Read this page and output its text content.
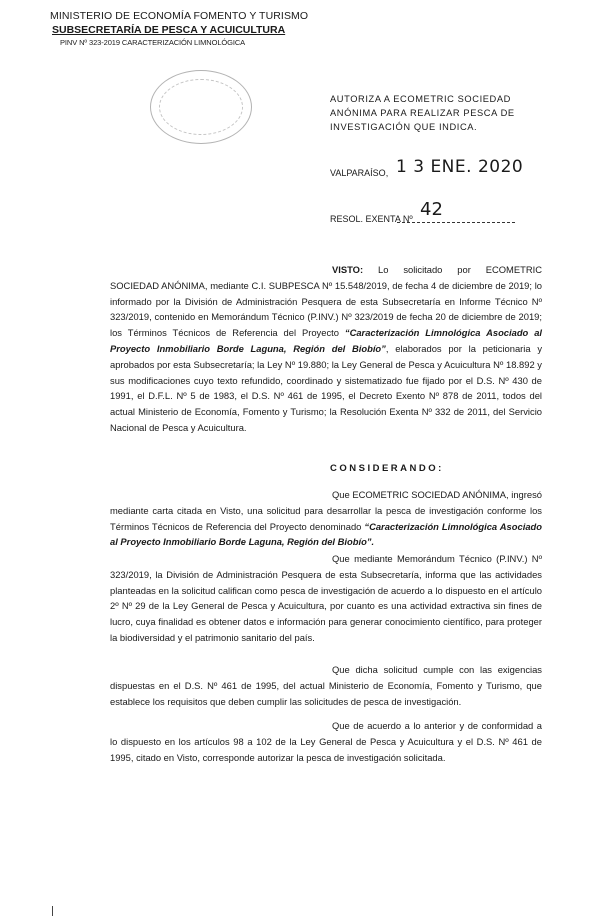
MINISTERIO DE ECONOMÍA FOMENTO Y TURISMO
SUBSECRETARÍA DE PESCA Y ACUICULTURA
PINV Nº 323-2019 CARACTERIZACIÓN LIMNOLÓGICA
AUTORIZA A ECOMETRIC SOCIEDAD ANÓNIMA PARA REALIZAR PESCA DE INVESTIGACIÓN QUE INDICA.
VALPARAÍSO, 1 3 ENE. 2020
RESOL. EXENTA Nº 42
VISTO: Lo solicitado por ECOMETRIC SOCIEDAD ANÓNIMA, mediante C.I. SUBPESCA Nº 15.548/2019, de fecha 4 de diciembre de 2019; lo informado por la División de Administración Pesquera de esta Subsecretaría en Informe Técnico Nº 323/2019, contenido en Memorándum Técnico (P.INV.) Nº 323/2019 de fecha 20 de diciembre de 2019; los Términos Técnicos de Referencia del Proyecto “Caracterización Limnológica Asociado al Proyecto Inmobiliario Borde Laguna, Región del Biobío”, elaborados por la peticionaria y aprobados por esta Subsecretaría; la Ley Nº 19.880; la Ley General de Pesca y Acuicultura Nº 18.892 y sus modificaciones cuyo texto refundido, coordinado y sistematizado fue fijado por el D.S. Nº 430 de 1991, el D.F.L. Nº 5 de 1983, el D.S. Nº 461 de 1995, el Decreto Exento Nº 878 de 2011, todos del actual Ministerio de Economía, Fomento y Turismo; la Resolución Exenta Nº 332 de 2011, del Servicio Nacional de Pesca y Acuicultura.
CONSIDERANDO:
Que ECOMETRIC SOCIEDAD ANÓNIMA, ingresó mediante carta citada en Visto, una solicitud para desarrollar la pesca de investigación conforme los Términos Técnicos de Referencia del Proyecto denominado “Caracterización Limnológica Asociado al Proyecto Inmobiliario Borde Laguna, Región del Biobío”.
Que mediante Memorándum Técnico (P.INV.) Nº 323/2019, la División de Administración Pesquera de esta Subsecretaría, informa que las actividades planteadas en la solicitud califican como pesca de investigación de acuerdo a lo dispuesto en el artículo 2º Nº 29 de la Ley General de Pesca y Acuicultura, por cuanto es una actividad extractiva sin fines de lucro, cuya finalidad es obtener datos e información para generar conocimiento científico, para proteger la biodiversidad y el patrimonio sanitario del país.
Que dicha solicitud cumple con las exigencias dispuestas en el D.S. Nº 461 de 1995, del actual Ministerio de Economía, Fomento y Turismo, que establece los requisitos que deben cumplir las solicitudes de pesca de investigación.
Que de acuerdo a lo anterior y de conformidad a lo dispuesto en los artículos 98 a 102 de la Ley General de Pesca y Acuicultura y el D.S. Nº 461 de 1995, citado en Visto, corresponde autorizar la pesca de investigación solicitada.
